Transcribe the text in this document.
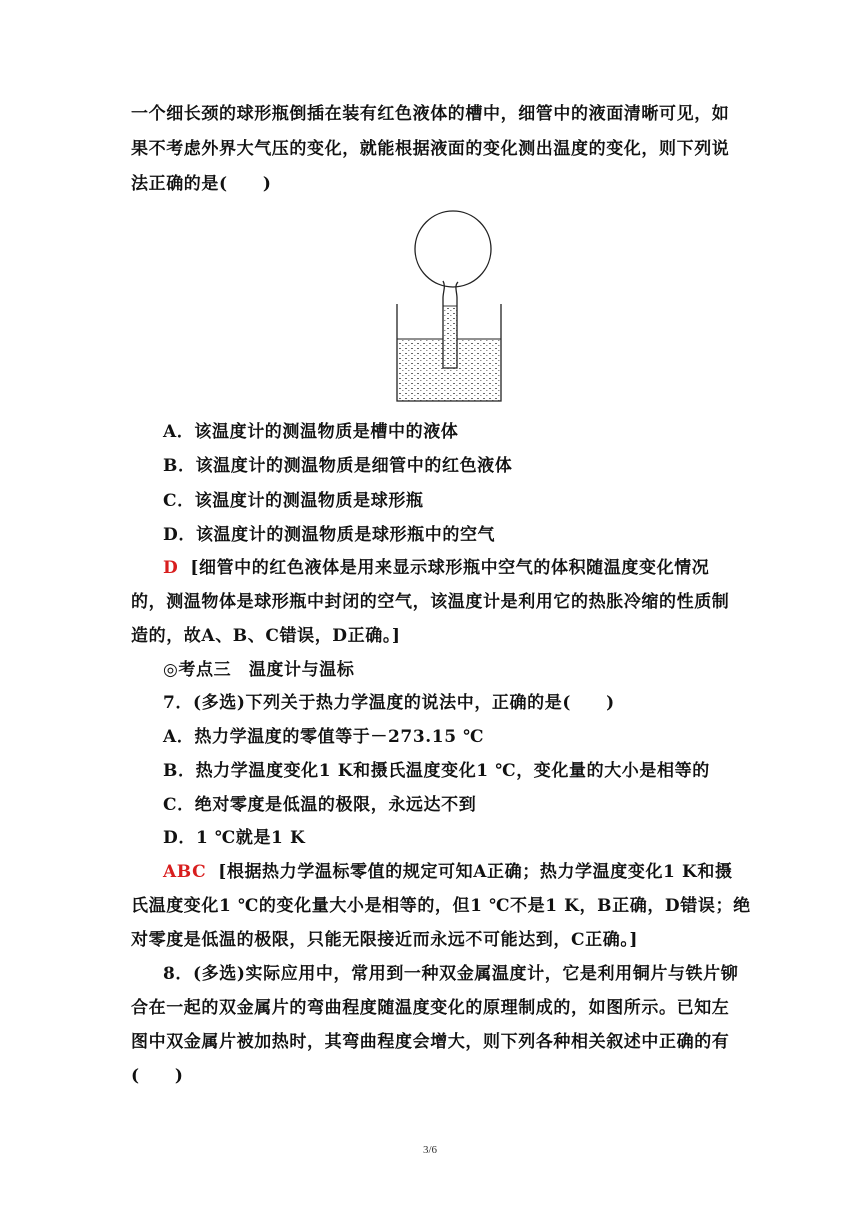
一个细长颈的球形瓶倒插在装有红色液体的槽中，细管中的液面清晰可见，如
果不考虑外界大气压的变化，就能根据液面的变化测出温度的变化，则下列说
法正确的是(　　)
A．该温度计的测温物质是槽中的液体
B．该温度计的测温物质是细管中的红色液体
C．该温度计的测温物质是球形瓶
D．该温度计的测温物质是球形瓶中的空气
D [细管中的红色液体是用来显示球形瓶中空气的体积随温度变化情况
的，测温物体是球形瓶中封闭的空气，该温度计是利用它的热胀冷缩的性质制
造的，故A、B、C错误，D正确。]
◎考点三　温度计与温标
7．(多选)下列关于热力学温度的说法中，正确的是(　　)
A．热力学温度的零值等于－273.15 ℃
B．热力学温度变化1 K和摄氏温度变化1 ℃，变化量的大小是相等的
C．绝对零度是低温的极限，永远达不到
D．1 ℃就是1 K
ABC [根据热力学温标零值的规定可知A正确；热力学温度变化1 K和摄
氏温度变化1 ℃的变化量大小是相等的，但1 ℃不是1 K，B正确，D错误；绝
对零度是低温的极限，只能无限接近而永远不可能达到，C正确。]
8．(多选)实际应用中，常用到一种双金属温度计，它是利用铜片与铁片铆
合在一起的双金属片的弯曲程度随温度变化的原理制成的，如图所示。已知左
图中双金属片被加热时，其弯曲程度会增大，则下列各种相关叙述中正确的有
(　　)
3/6
